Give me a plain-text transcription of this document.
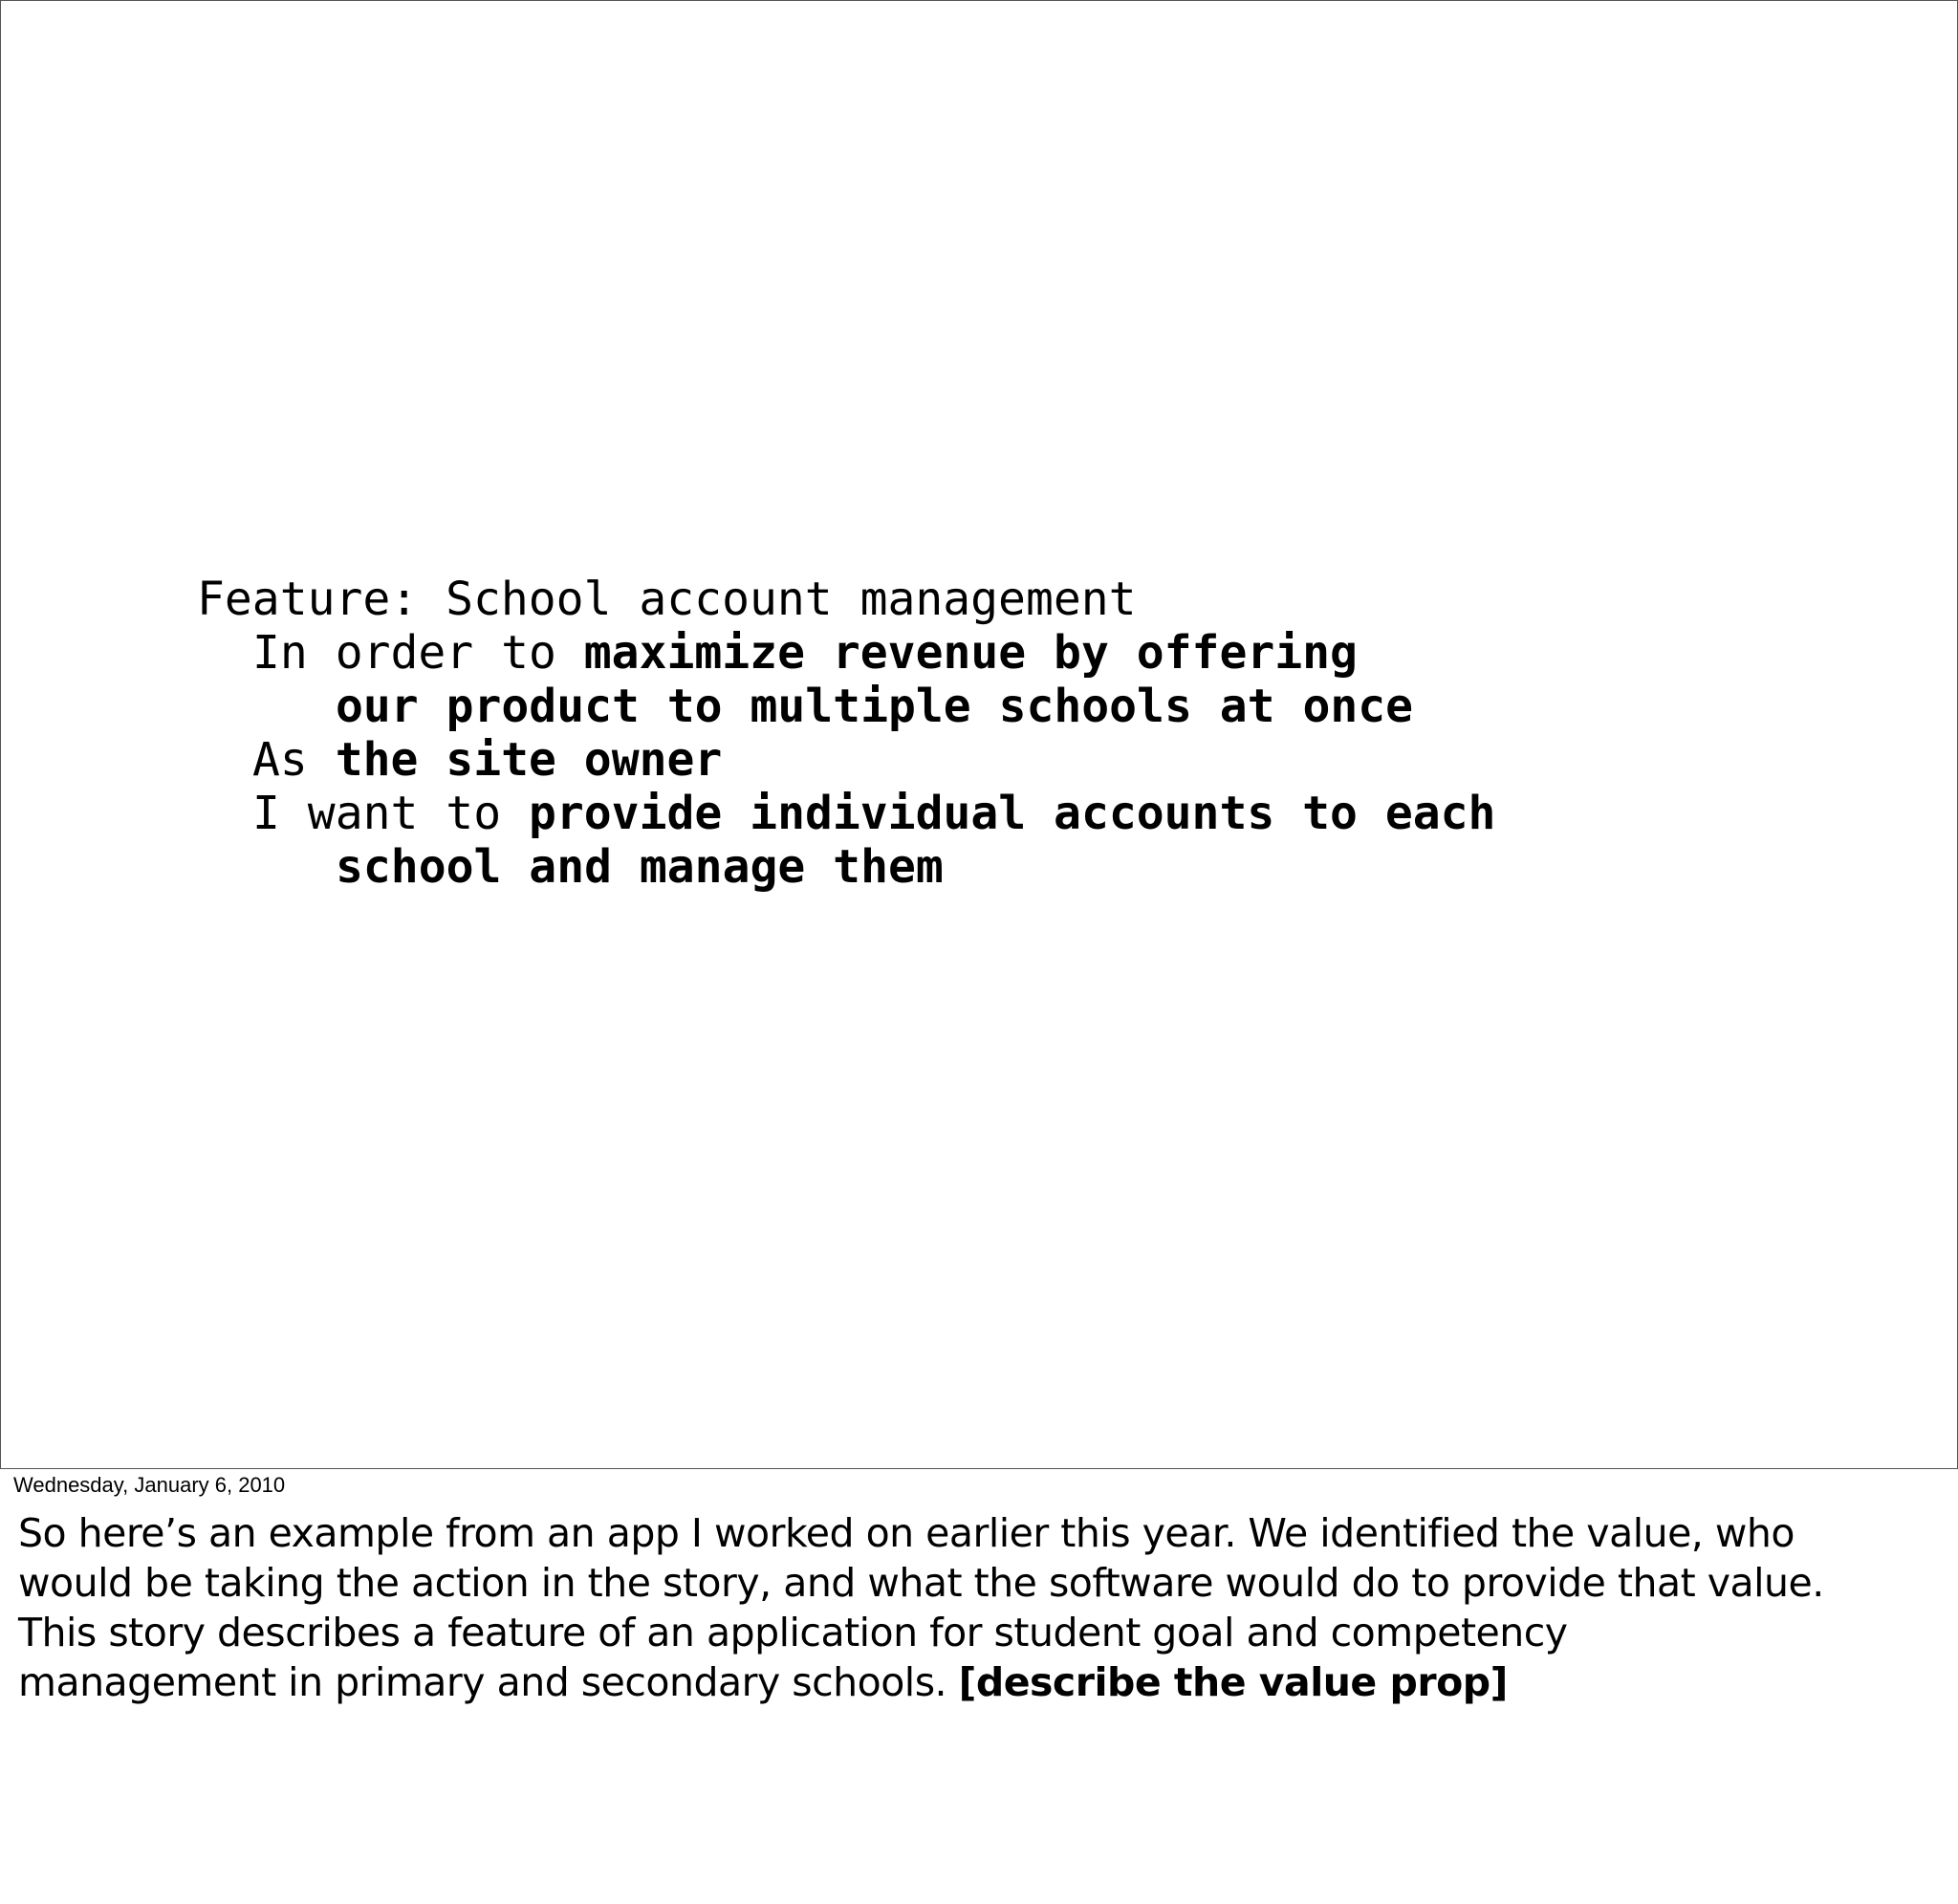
Feature: School account management
In order to maximize revenue by offering
our product to multiple schools at once
As the site owner
I want to provide individual accounts to each
school and manage them
Wednesday, January 6, 2010
So here’s an example from an app I worked on earlier this year. We identified the value, who
would be taking the action in the story, and what the software would do to provide that value.
This story describes a feature of an application for student goal and competency
management in primary and secondary schools. [describe the value prop]
